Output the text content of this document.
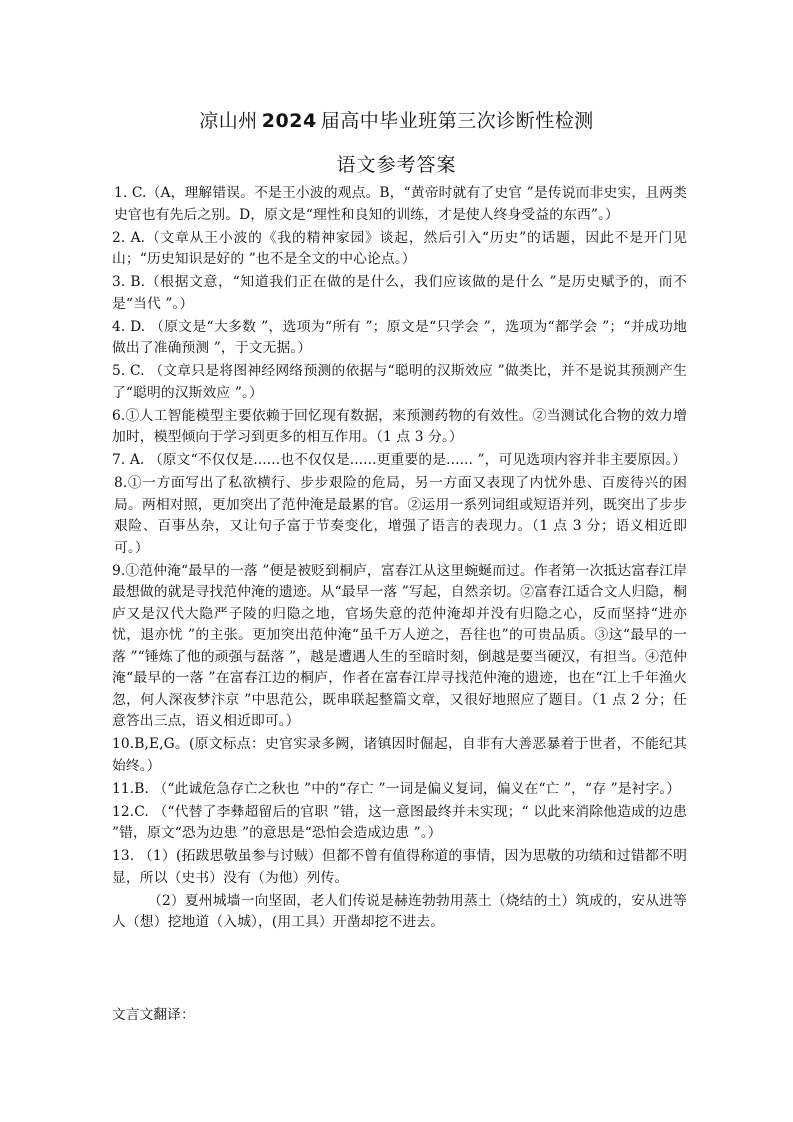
凉山州 2024 届高中毕业班第三次诊断性检测
语文参考答案

1. C.（A，理解错误。不是王小波的观点。B，“黄帝时就有了史官 ”是传说而非史实，且两类史官也有先后之别。D，原文是“理性和良知的训练，才是使人终身受益的东西”。）

2. A.（文章从王小波的《我的精神家园》谈起，然后引入“历史”的话题，因此不是开门见山；“历史知识是好的 ”也不是全文的中心论点。）

3. B.（根据文意，“知道我们正在做的是什么，我们应该做的是什么 ”是历史赋予的，而不是“当代 ”。）

4. D. （原文是“大多数 ”，选项为“所有 ”；原文是“只学会 ”，选项为“都学会 ”；“并成功地做出了准确预测 ”，于文无据。）

5. C. （文章只是将图神经网络预测的依据与“聪明的汉斯效应 ”做类比，并不是说其预测产生了“聪明的汉斯效应 ”。）

6.①人工智能模型主要依赖于回忆现有数据，来预测药物的有效性。②当测试化合物的效力增加时，模型倾向于学习到更多的相互作用。（1 点 3 分。）

7. A. （原文“不仅仅是......也不仅仅是......更重要的是...... ”，可见选项内容并非主要原因。）

8.①一方面写出了私欲横行、步步艰险的危局，另一方面又表现了内忧外患、百废待兴的困局。两相对照，更加突出了范仲淹是最累的官。②运用一系列词组或短语并列，既突出了步步艰险、百事丛杂，又让句子富于节奏变化，增强了语言的表现力。（1 点 3 分；语义相近即可。）

9.①范仲淹“最早的一落 ”便是被贬到桐庐，富春江从这里蜿蜒而过。作者第一次抵达富春江岸最想做的就是寻找范仲淹的遗迹。从“最早一落 ”写起，自然亲切。②富春江适合文人归隐，桐庐又是汉代大隐严子陵的归隐之地，官场失意的范仲淹却并没有归隐之心，反而坚持“进亦忧，退亦忧 ”的主张。更加突出范仲淹“虽千万人逆之，吾往也”的可贵品质。③这“最早的一落 ”“锤炼了他的顽强与磊落 ”，越是遭遇人生的至暗时刻，倒越是要当硬汉，有担当。④范仲淹“最早的一落 ”在富春江边的桐庐，作者在富春江岸寻找范仲淹的遗迹，也在“江上千年渔火忽，何人深夜梦汴京 ”中思范公，既串联起整篇文章，又很好地照应了题目。（1 点 2 分；任意答出三点，语义相近即可。）

10.B,E,G。(原文标点：史官实录多阙，诸镇因时倔起，自非有大善恶暴着于世者，不能纪其始终。）

11.B. （“此诚危急存亡之秋也 ”中的“存亡 ”一词是偏义复词，偏义在“亡 ”，“存 ”是衬字。）

12.C. （“代替了李彝超留后的官职 ”错，这一意图最终并未实现；“ 以此来消除他造成的边患 ”错，原文“恐为边患 ”的意思是“恐怕会造成边患 ”。）

13. （1）(拓跋思敬虽参与讨贼）但都不曾有值得称道的事情，因为思敬的功绩和过错都不明显，所以（史书）没有（为他）列传。

（2）夏州城墙一向坚固，老人们传说是赫连勃勃用蒸土（烧结的土）筑成的，安从进等人（想）挖地道（入城），(用工具）开凿却挖不进去。

文言文翻译：
